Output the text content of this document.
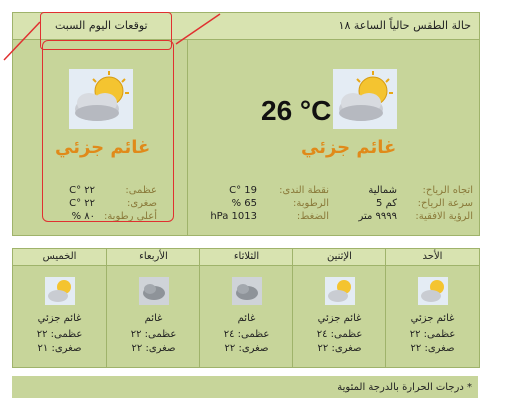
حالة الطقس حالياً الساعة ١٨
توقعات اليوم السبت
26 °C
غائم جزئي
اتجاه الرياح:
شمالية
سرعة الرياح:
كم 5
الرؤية الافقية:
٩٩٩٩ متر
نقطة الندى:
19 °C
الرطوبة:
65 %
الضغط:
1013 hPa
غائم جزئي
عظمى:
٢٢ °C
صغرى:
٢٢ °C
أعلى رطوبة:
٨٠ %
الخميس
غائم جزئي
عظمى: ٢٢
صغرى: ٢١
الأربعاء
غائم
عظمى: ٢٢
صغرى: ٢٢
الثلاثاء
غائم
عظمى: ٢٤
صغرى: ٢٢
الإثنين
غائم جزئي
عظمى: ٢٤
صغرى: ٢٢
الأحد
غائم جزئي
عظمى: ٢٢
صغرى: ٢٢
* درجات الحرارة بالدرجة المئوية
